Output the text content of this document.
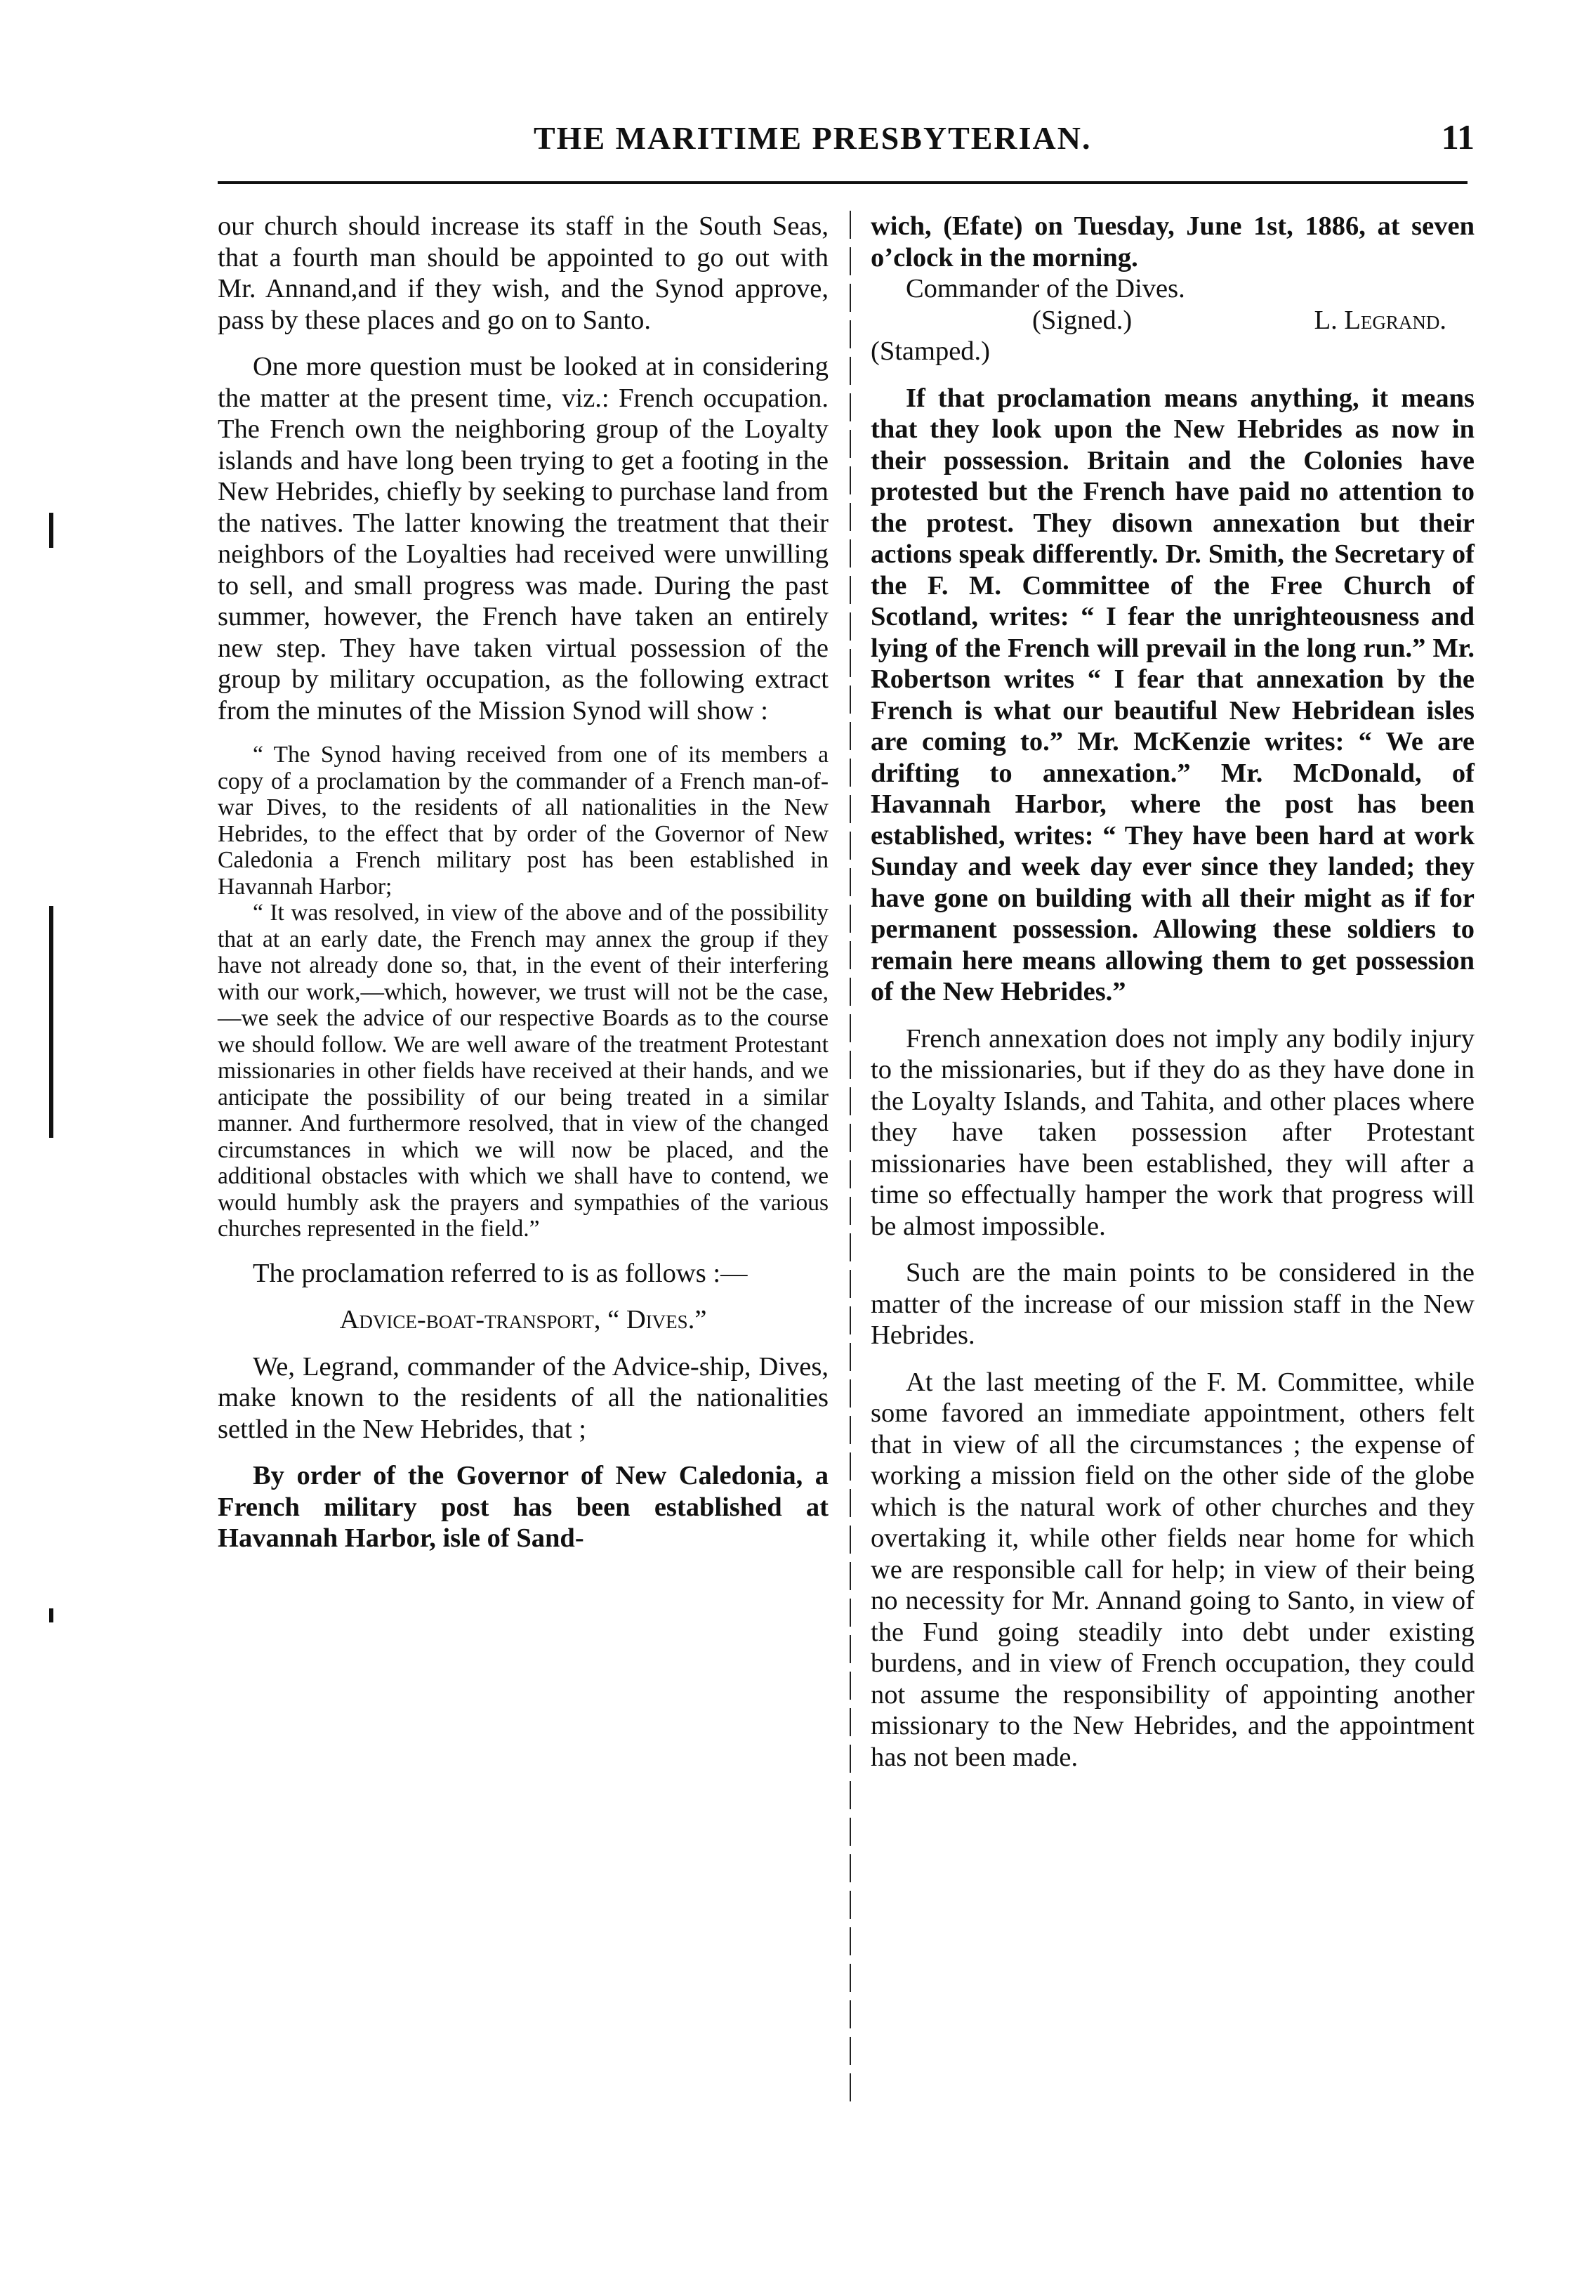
THE MARITIME PRESBYTERIAN.	11

our church should increase its staff in the South Seas, that a fourth man should be appointed to go out with Mr. Annand,and if they wish, and the Synod approve, pass by these places and go on to Santo.

One more question must be looked at in considering the matter at the present time, viz.: French occupation. The French own the neighboring group of the Loyalty islands and have long been trying to get a footing in the New Hebrides, chiefly by seeking to purchase land from the natives. The latter knowing the treatment that their neighbors of the Loyalties had received were unwilling to sell, and small progress was made. During the past summer, however, the French have taken an entirely new step. They have taken virtual possession of the group by military occupation, as the following extract from the minutes of the Mission Synod will show :

“ The Synod having received from one of its members a copy of a proclamation by the commander of a French man-of-war Dives, to the residents of all nationalities in the New Hebrides, to the effect that by order of the Governor of New Caledonia a French military post has been established in Havannah Harbor;

“ It was resolved, in view of the above and of the possibility that at an early date, the French may annex the group if they have not already done so, that, in the event of their interfering with our work,—which, however, we trust will not be the case,—we seek the advice of our respective Boards as to the course we should follow. We are well aware of the treatment Protestant missionaries in other fields have received at their hands, and we anticipate the possibility of our being treated in a similar manner. And furthermore resolved, that in view of the changed circumstances in which we will now be placed, and the additional obstacles with which we shall have to contend, we would humbly ask the prayers and sympathies of the various churches represented in the field.”

The proclamation referred to is as follows :—

Advice-boat-transport, “ Dives.”

We, Legrand, commander of the Advice-ship, Dives, make known to the residents of all the nationalities settled in the New Hebrides, that ;

By order of the Governor of New Caledonia, a French military post has been established at Havannah Harbor, isle of Sand-

wich, (Efate) on Tuesday, June 1st, 1886, at seven o’clock in the morning.

Commander of the Dives.

(Signed.)	L. Legrand.

(Stamped.)

If that proclamation means anything, it means that they look upon the New Hebrides as now in their possession. Britain and the Colonies have protested but the French have paid no attention to the protest. They disown annexation but their actions speak differently. Dr. Smith, the Secretary of the F. M. Committee of the Free Church of Scotland, writes: “ I fear the unrighteousness and lying of the French will prevail in the long run.” Mr. Robertson writes “ I fear that annexation by the French is what our beautiful New Hebridean isles are coming to.” Mr. McKenzie writes: “ We are drifting to annexation.” Mr. McDonald, of Havannah Harbor, where the post has been established, writes: “ They have been hard at work Sunday and week day ever since they landed; they have gone on building with all their might as if for permanent possession. Allowing these soldiers to remain here means allowing them to get possession of the New Hebrides.”

French annexation does not imply any bodily injury to the missionaries, but if they do as they have done in the Loyalty Islands, and Tahita, and other places where they have taken possession after Protestant missionaries have been established, they will after a time so effectually hamper the work that progress will be almost impossible.

Such are the main points to be considered in the matter of the increase of our mission staff in the New Hebrides.

At the last meeting of the F. M. Committee, while some favored an immediate appointment, others felt that in view of all the circumstances ; the expense of working a mission field on the other side of the globe which is the natural work of other churches and they overtaking it, while other fields near home for which we are responsible call for help; in view of their being no necessity for Mr. Annand going to Santo, in view of the Fund going steadily into debt under existing burdens, and in view of French occupation, they could not assume the responsibility of appointing another missionary to the New Hebrides, and the appointment has not been made.
